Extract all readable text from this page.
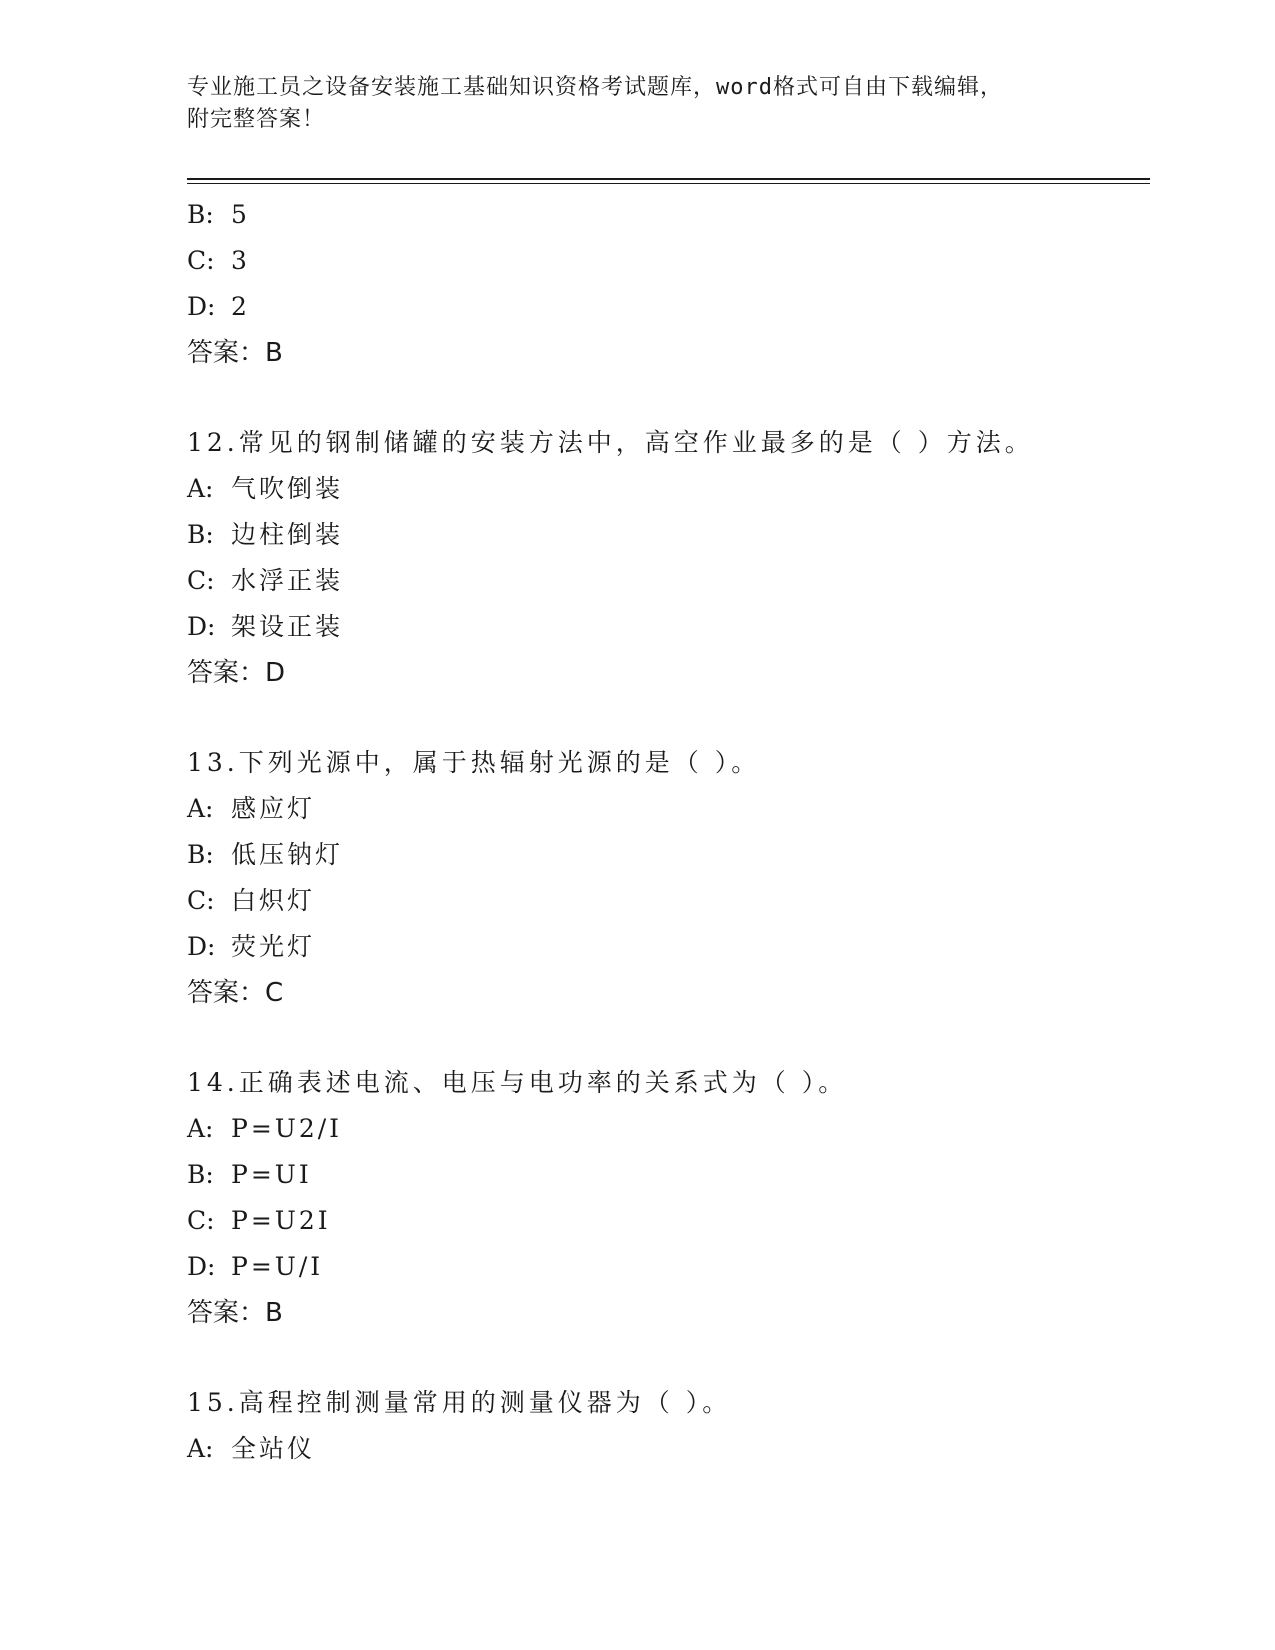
专业施工员之设备安装施工基础知识资格考试题库，word格式可自由下载编辑，
附完整答案！
B: 5
C: 3
D: 2
答案：B
12.常见的钢制储罐的安装方法中，高空作业最多的是（ ）方法。
A: 气吹倒装
B: 边柱倒装
C: 水浮正装
D: 架设正装
答案：D
13.下列光源中，属于热辐射光源的是（ ）。
A: 感应灯
B: 低压钠灯
C: 白炽灯
D: 荧光灯
答案：C
14.正确表述电流、电压与电功率的关系式为（ ）。
A: P=U2/I
B: P=UI
C: P=U2I
D: P=U/I
答案：B
15.高程控制测量常用的测量仪器为（ ）。
A: 全站仪
